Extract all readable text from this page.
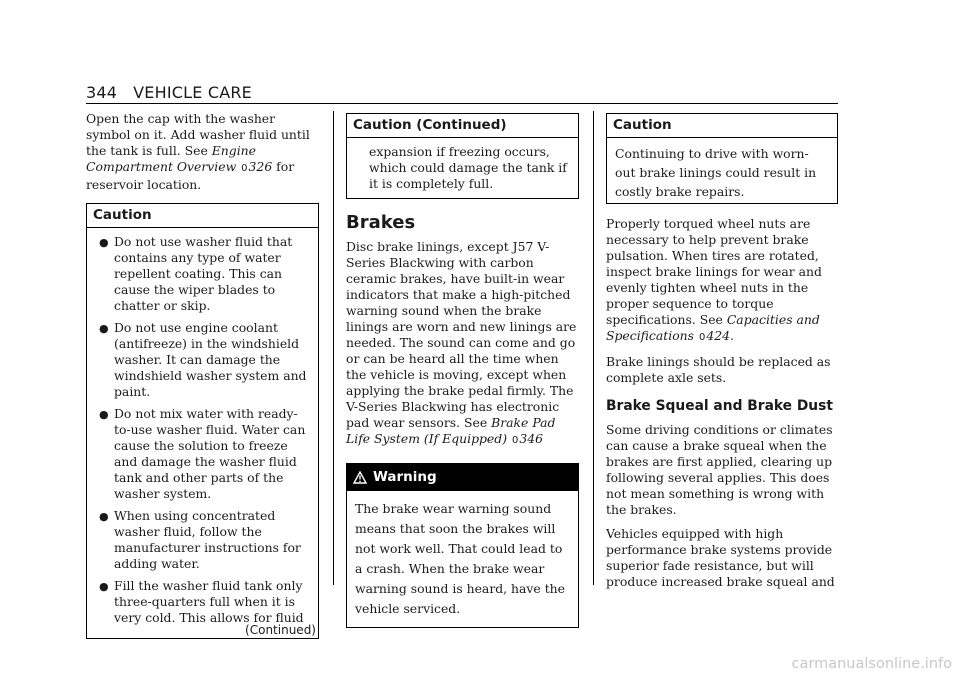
344 VEHICLE CARE

Open the cap with the washer symbol on it. Add washer fluid until the tank is full. See Engine Compartment Overview 0326 for reservoir location.

Caution
● Do not use washer fluid that contains any type of water repellent coating. This can cause the wiper blades to chatter or skip.
● Do not use engine coolant (antifreeze) in the windshield washer. It can damage the windshield washer system and paint.
● Do not mix water with ready-to-use washer fluid. Water can cause the solution to freeze and damage the washer fluid tank and other parts of the washer system.
● When using concentrated washer fluid, follow the manufacturer instructions for adding water.
● Fill the washer fluid tank only three-quarters full when it is very cold. This allows for fluid
(Continued)
Caution (Continued)
expansion if freezing occurs, which could damage the tank if it is completely full.
Brakes

Disc brake linings, except J57 V-Series Blackwing with carbon ceramic brakes, have built-in wear indicators that make a high-pitched warning sound when the brake linings are worn and new linings are needed. The sound can come and go or can be heard all the time when the vehicle is moving, except when applying the brake pedal firmly. The V-Series Blackwing has electronic pad wear sensors. See Brake Pad Life System (If Equipped) 0346

Warning
The brake wear warning sound means that soon the brakes will not work well. That could lead to a crash. When the brake wear warning sound is heard, have the vehicle serviced.
Caution
Continuing to drive with worn-out brake linings could result in costly brake repairs.

Properly torqued wheel nuts are necessary to help prevent brake pulsation. When tires are rotated, inspect brake linings for wear and evenly tighten wheel nuts in the proper sequence to torque specifications. See Capacities and Specifications 0424.

Brake linings should be replaced as complete axle sets.

Brake Squeal and Brake Dust

Some driving conditions or climates can cause a brake squeal when the brakes are first applied, clearing up following several applies. This does not mean something is wrong with the brakes.

Vehicles equipped with high performance brake systems provide superior fade resistance, but will produce increased brake squeal and

carmanualsonline.info
